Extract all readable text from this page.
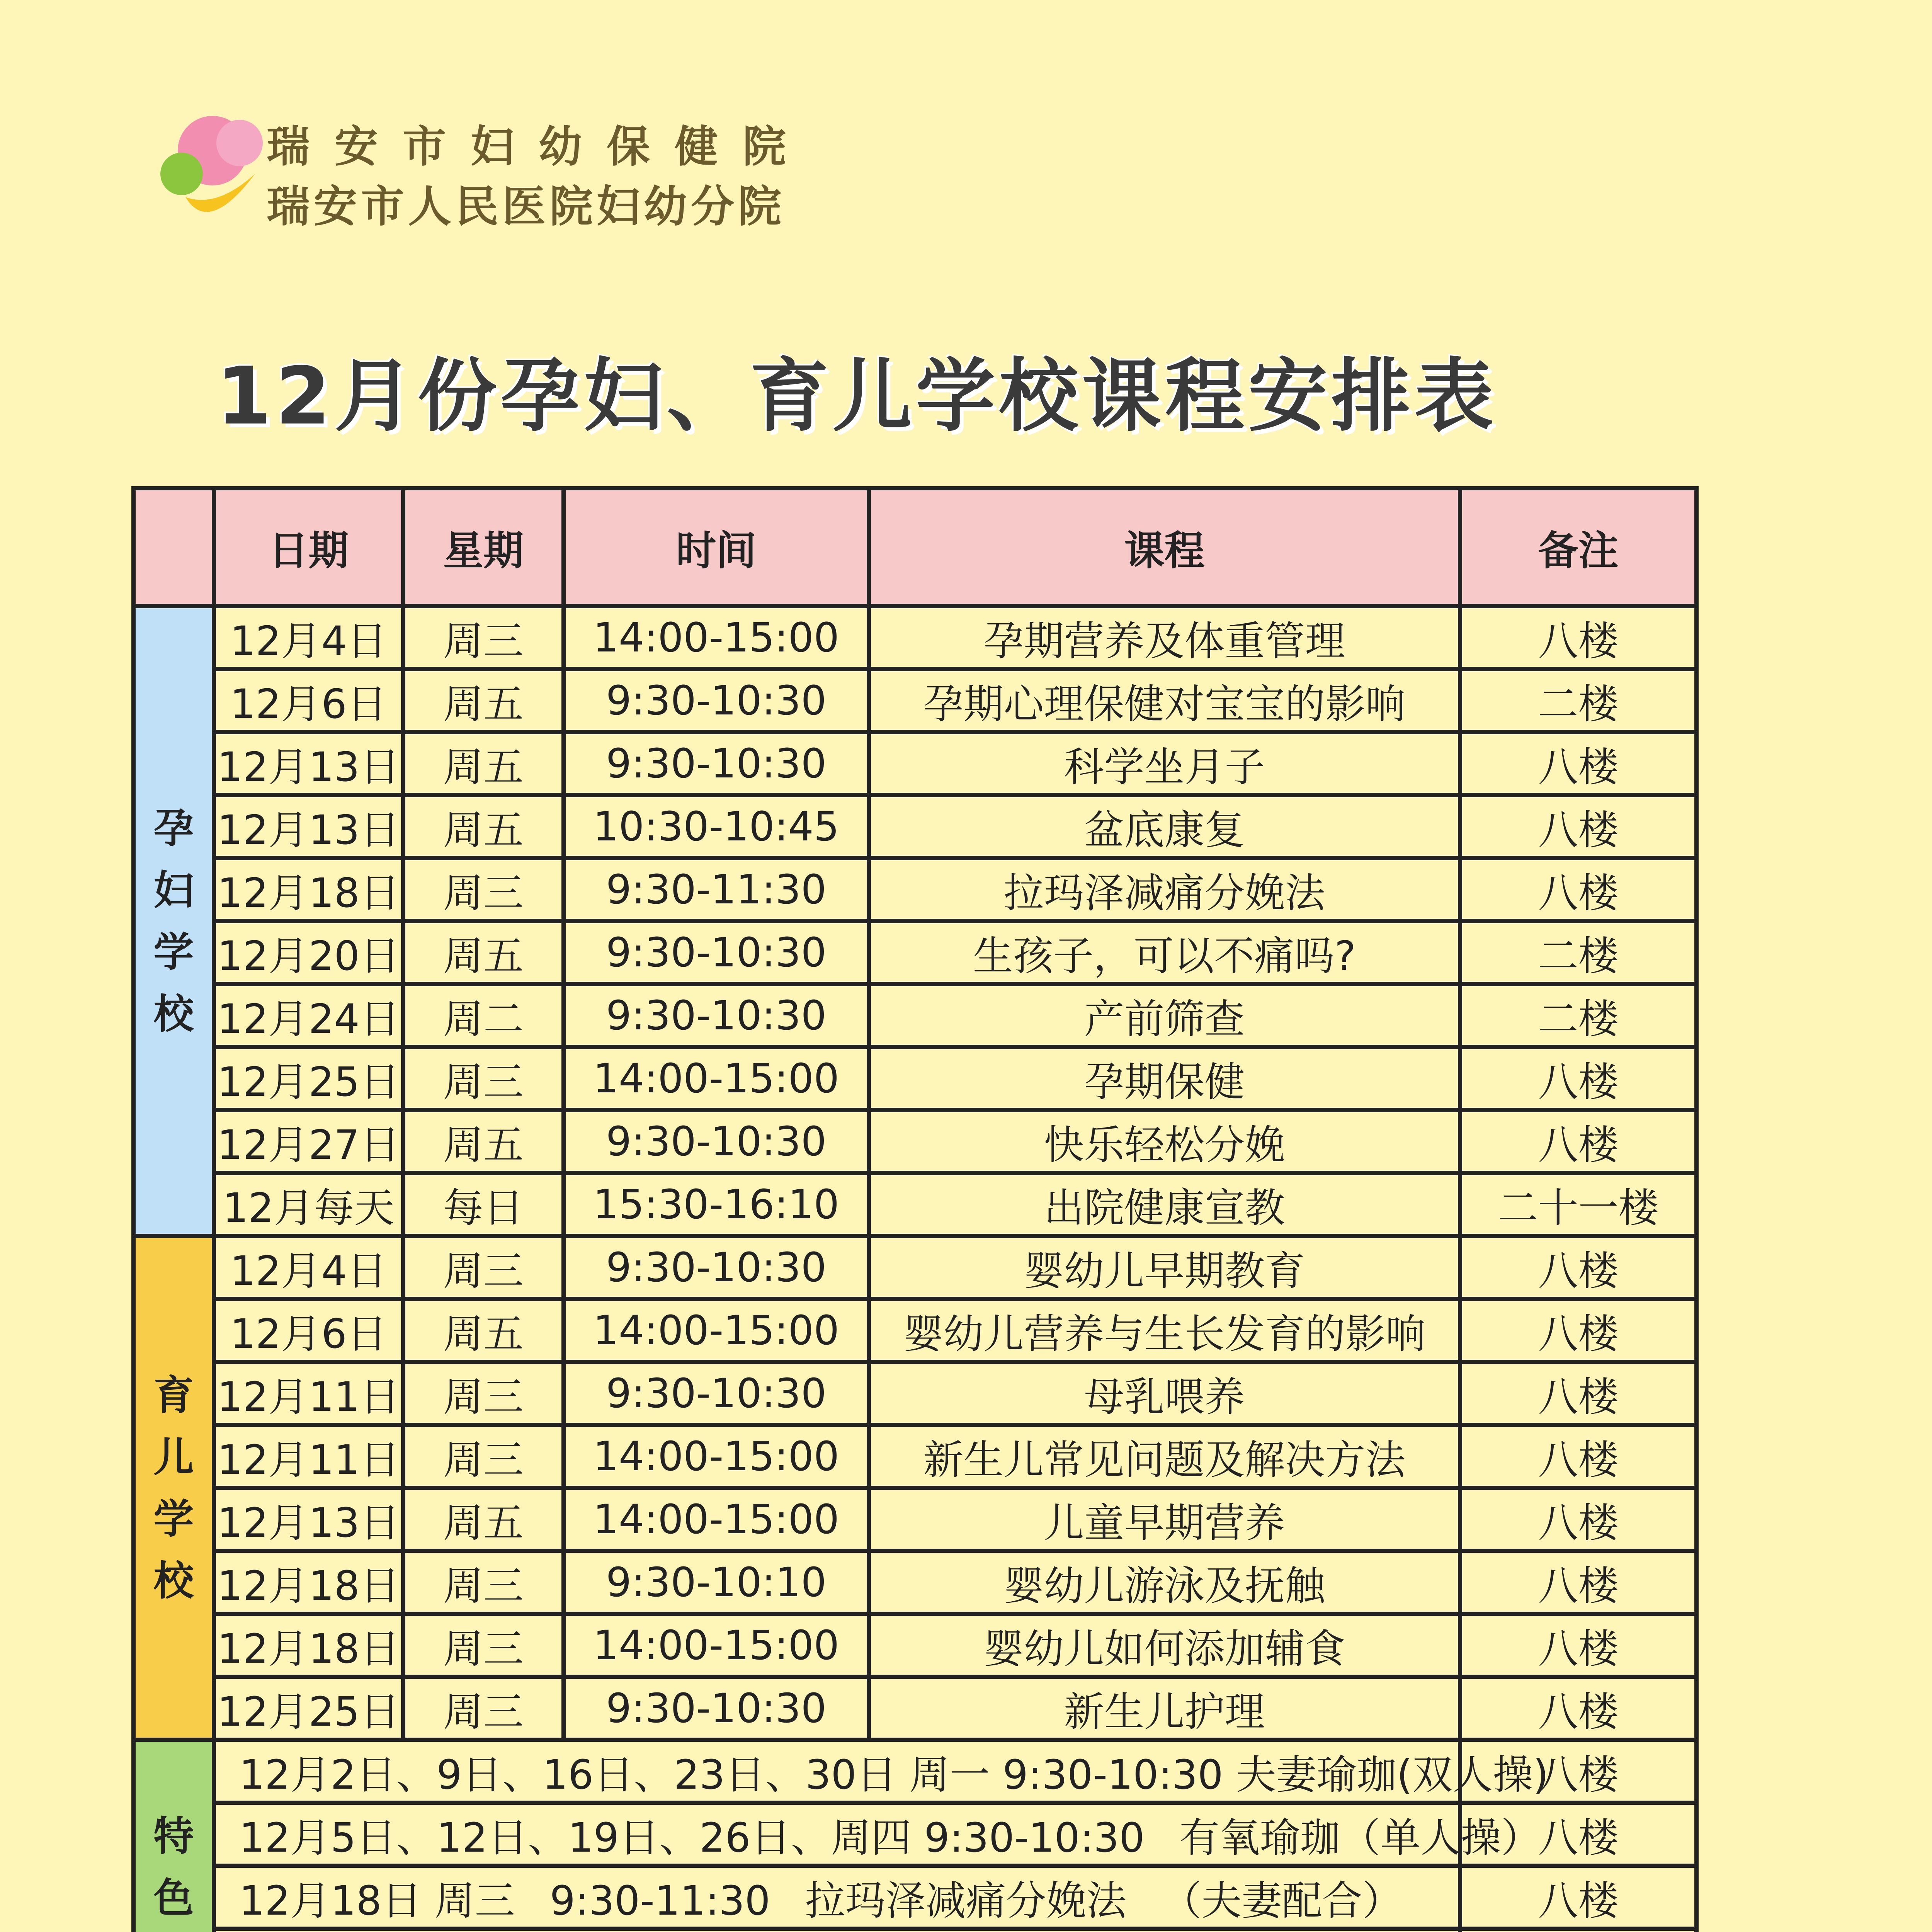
瑞安市妇幼保健院
瑞安市人民医院妇幼分院
12月份孕妇、育儿学校课程安排表
	日期	星期	时间	课程	备注

孕
妇
学
校	12月4日	周三	14:00-15:00	孕期营养及体重管理	八楼
	12月6日	周五	9:30-10:30	孕期心理保健对宝宝的影响	二楼
	12月13日	周五	9:30-10:30	科学坐月子	八楼
	12月13日	周五	10:30-10:45	盆底康复	八楼
	12月18日	周三	9:30-11:30	拉玛泽减痛分娩法	八楼
	12月20日	周五	9:30-10:30	生孩子，可以不痛吗?	二楼
	12月24日	周二	9:30-10:30	产前筛查	二楼
	12月25日	周三	14:00-15:00	孕期保健	八楼
	12月27日	周五	9:30-10:30	快乐轻松分娩	八楼
	12月每天	每日	15:30-16:10	出院健康宣教	二十一楼

育
儿
学
校	12月4日	周三	9:30-10:30	婴幼儿早期教育	八楼
	12月6日	周五	14:00-15:00	婴幼儿营养与生长发育的影响	八楼
	12月11日	周三	9:30-10:30	母乳喂养	八楼
	12月11日	周三	14:00-15:00	新生儿常见问题及解决方法	八楼
	12月13日	周五	14:00-15:00	儿童早期营养	八楼
	12月18日	周三	9:30-10:10	婴幼儿游泳及抚触	八楼
	12月18日	周三	14:00-15:00	婴幼儿如何添加辅食	八楼
	12月25日	周三	9:30-10:30	新生儿护理	八楼

特
色	12月2日、9日、16日、23日、30日 周一 9:30-10:30 夫妻瑜珈(双人操)				八楼
	12月5日、12日、19日、26日、周四 9:30-10:30 有氧瑜珈（单人操）				八楼
	12月18日 周三 9:30-11:30 拉玛泽减痛分娩法 （夫妻配合）				八楼
